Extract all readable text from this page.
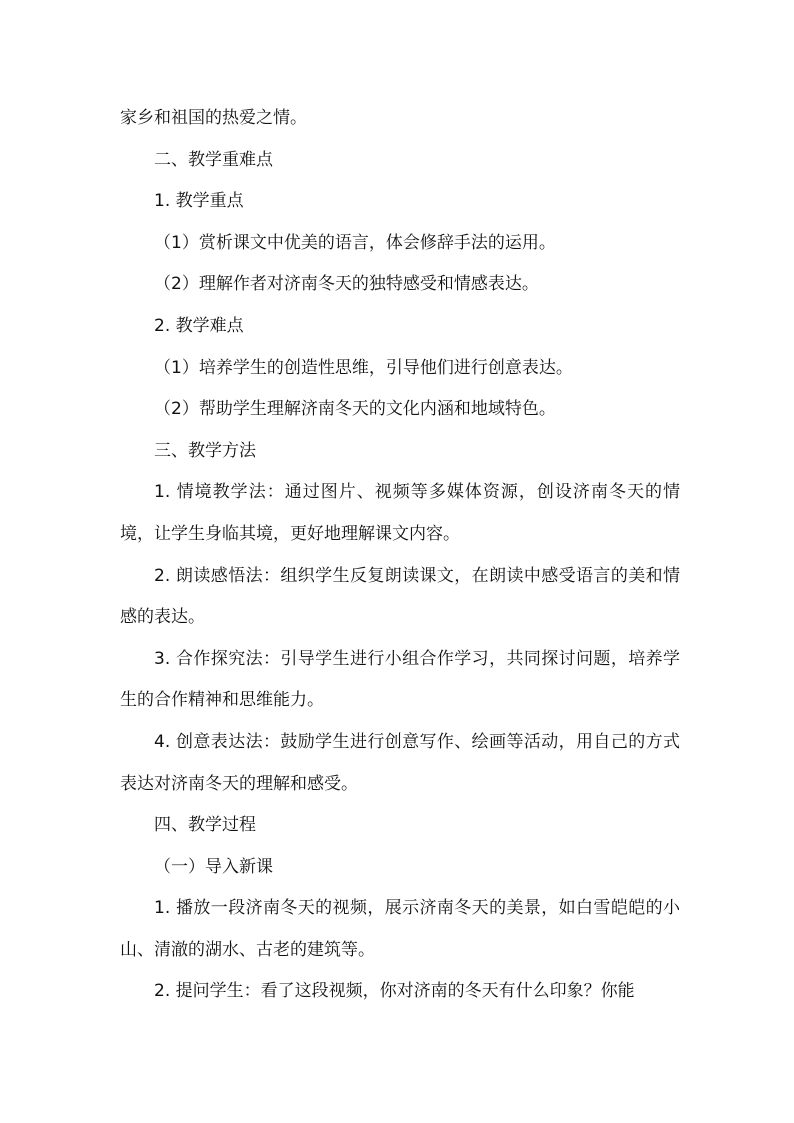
家乡和祖国的热爱之情。

二、教学重难点

1. 教学重点

（1）赏析课文中优美的语言，体会修辞手法的运用。

（2）理解作者对济南冬天的独特感受和情感表达。

2. 教学难点

（1）培养学生的创造性思维，引导他们进行创意表达。

（2）帮助学生理解济南冬天的文化内涵和地域特色。

三、教学方法

1. 情境教学法：通过图片、视频等多媒体资源，创设济南冬天的情境，让学生身临其境，更好地理解课文内容。

2. 朗读感悟法：组织学生反复朗读课文，在朗读中感受语言的美和情感的表达。

3. 合作探究法：引导学生进行小组合作学习，共同探讨问题，培养学生的合作精神和思维能力。

4. 创意表达法：鼓励学生进行创意写作、绘画等活动，用自己的方式表达对济南冬天的理解和感受。

四、教学过程

（一）导入新课

1. 播放一段济南冬天的视频，展示济南冬天的美景，如白雪皑皑的小山、清澈的湖水、古老的建筑等。

2. 提问学生：看了这段视频，你对济南的冬天有什么印象？你能
